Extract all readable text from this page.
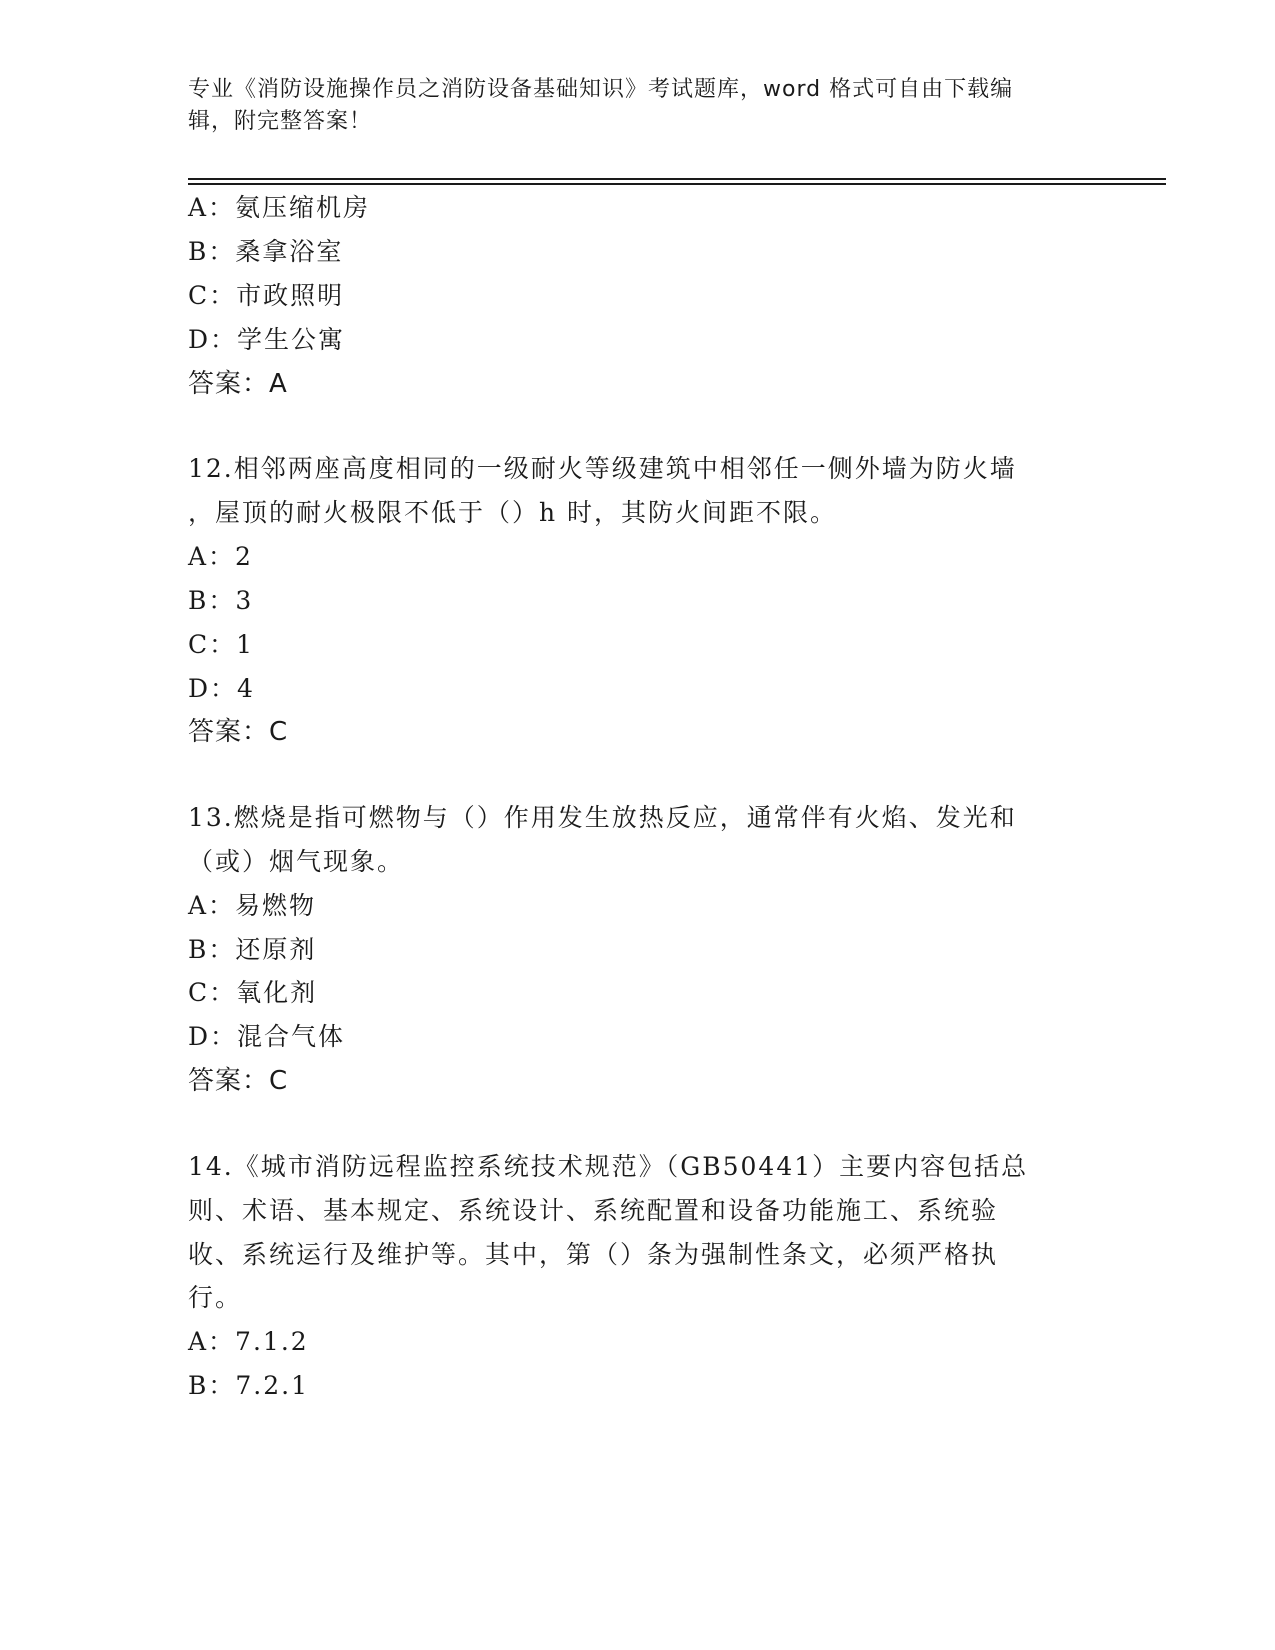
专业《消防设施操作员之消防设备基础知识》考试题库，word 格式可自由下载编
辑，附完整答案！
A：氨压缩机房
B：桑拿浴室
C：市政照明
D：学生公寓
答案：A
12.相邻两座高度相同的一级耐火等级建筑中相邻任一侧外墙为防火墙
，屋顶的耐火极限不低于（）h 时，其防火间距不限。
A：2
B：3
C：1
D：4
答案：C
13.燃烧是指可燃物与（）作用发生放热反应，通常伴有火焰、发光和
（或）烟气现象。
A：易燃物
B：还原剂
C：氧化剂
D：混合气体
答案：C
14.《城市消防远程监控系统技术规范》（GB50441）主要内容包括总
则、术语、基本规定、系统设计、系统配置和设备功能施工、系统验
收、系统运行及维护等。其中，第（）条为强制性条文，必须严格执
行。
A：7.1.2
B：7.2.1
